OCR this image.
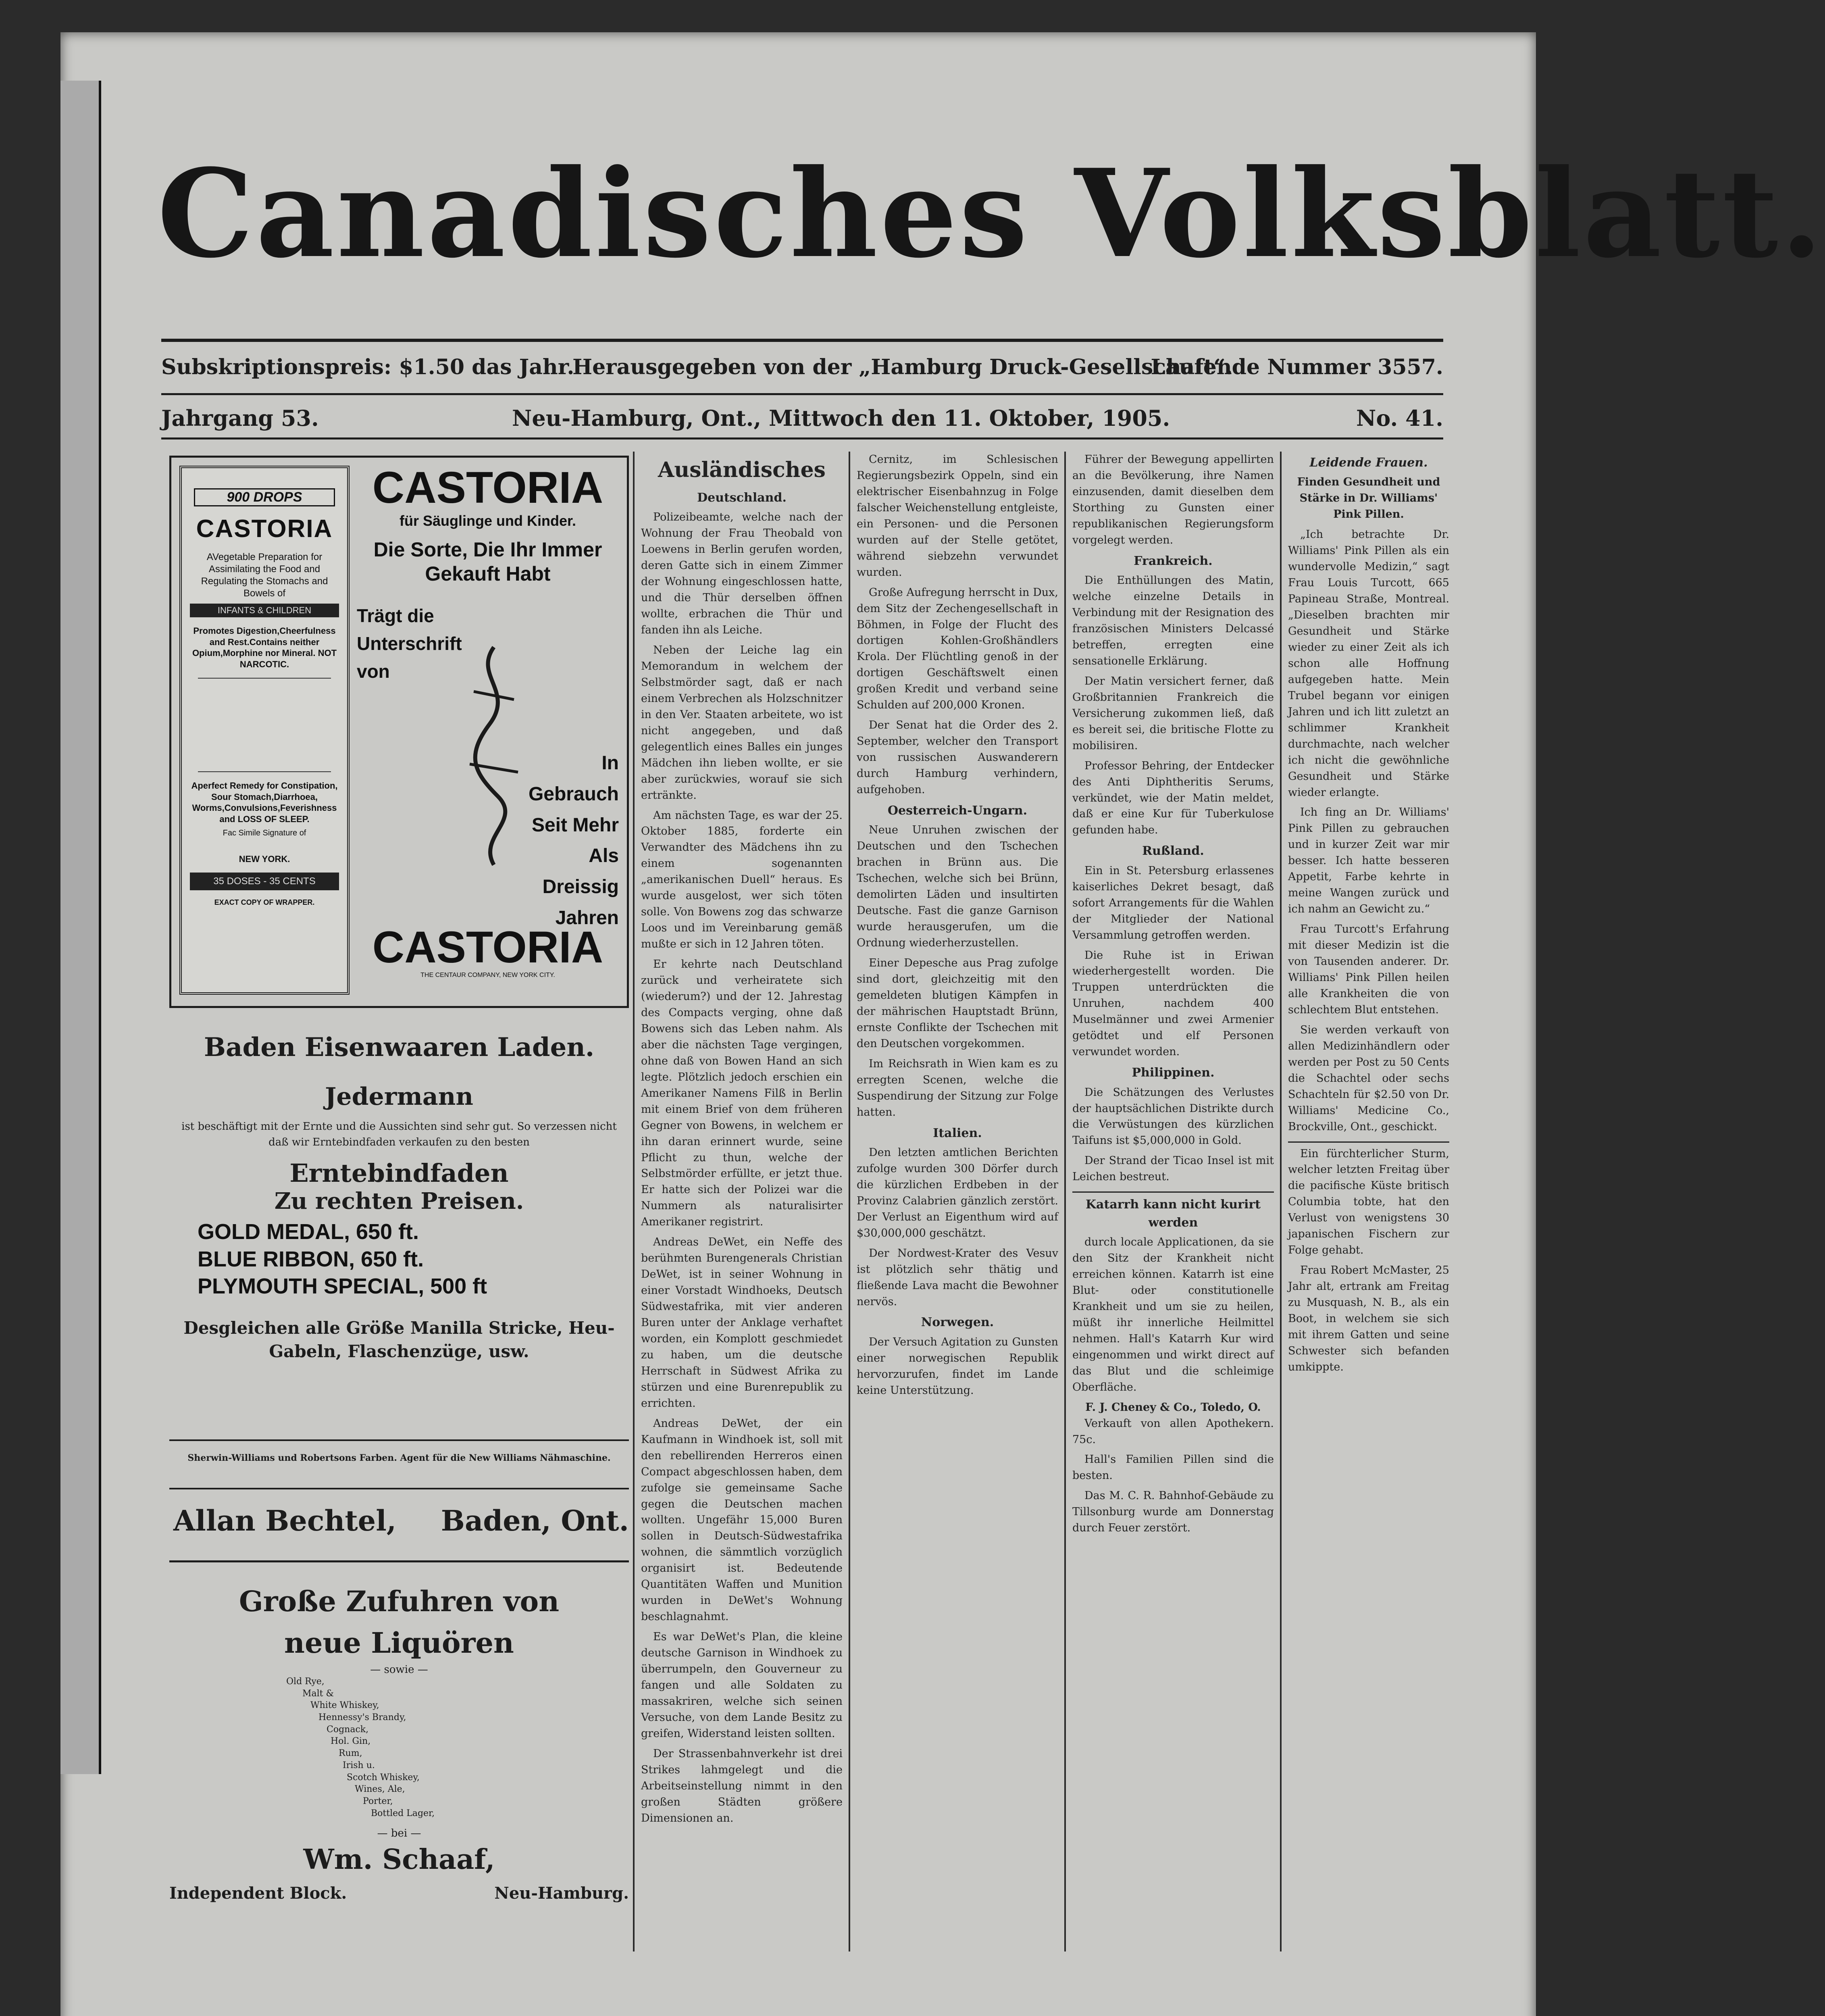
Canadisches Volksblatt.
Subskriptionspreis: $1.50 das Jahr.
Herausgegeben von der „Hamburg Druck-Gesellschaft“.
Laufende Nummer 3557.
Jahrgang 53.	Neu-Hamburg, Ont., Mittwoch den 11. Oktober, 1905.	No. 41.
900 DROPS
CASTORIA
AVegetable Preparation for Assimilating the Food and Regulating the Stomachs and Bowels of
INFANTS & CHILDREN
Promotes Digestion,Cheerfulness and Rest.Contains neither Opium,Morphine nor Mineral. NOT NARCOTIC.
Aperfect Remedy for Constipation, Sour Stomach,Diarrhoea, Worms,Convulsions,Feverishness and LOSS OF SLEEP.
Fac Simile Signature of
NEW YORK.
35 DOSES - 35 CENTS
EXACT COPY OF WRAPPER.
CASTORIA
für Säuglinge und Kinder.
Die Sorte, Die Ihr Immer Gekauft Habt
Trägt die Unterschrift von
In Gebrauch Seit Mehr Als Dreissig Jahren
CASTORIA
THE CENTAUR COMPANY, NEW YORK CITY.
Baden Eisenwaaren Laden.
Jedermann
ist beschäftigt mit der Ernte und die Aussichten sind sehr gut. So verzessen nicht daß wir Erntebindfaden verkaufen zu den besten
Erntebindfaden
Zu rechten Preisen.
GOLD MEDAL, 650 ft.
BLUE RIBBON, 650 ft.
PLYMOUTH SPECIAL, 500 ft
Desgleichen alle Größe Manilla Stricke, Heu-Gabeln, Flaschenzüge, usw.
Sherwin-Williams und Robertsons Farben. Agent für die New Williams Nähmaschine.
Allan Bechtel, Baden, Ont.
Große Zufuhren von
neue Liquören
— sowie —
Old Rye,
Malt &
White Whiskey,
Hennessy's Brandy,
Cognack,
Hol. Gin,
Rum,
Irish u.
Scotch Whiskey,
Wines, Ale,
Porter,
Bottled Lager,
— bei —
Wm. Schaaf,
Independent Block.	Neu-Hamburg.
Ausländisches
Deutschland.

Polizeibeamte, welche nach der Wohnung der Frau Theobald von Loewens in Berlin gerufen worden, deren Gatte sich in einem Zimmer der Wohnung eingeschlossen hatte, und die Thür derselben öffnen wollte, erbrachen die Thür und fanden ihn als Leiche.

Neben der Leiche lag ein Memorandum in welchem der Selbstmörder sagt, daß er nach einem Verbrechen als Holzschnitzer in den Ver. Staaten arbeitete, wo ist nicht angegeben, und daß gelegentlich eines Balles ein junges Mädchen ihn lieben wollte, er sie aber zurückwies, worauf sie sich ertränkte.

Am nächsten Tage, es war der 25. Oktober 1885, forderte ein Verwandter des Mädchens ihn zu einem sogenannten „amerikanischen Duell“ heraus. Es wurde ausgelost, wer sich töten solle. Von Bowens zog das schwarze Loos und im Vereinbarung gemäß mußte er sich in 12 Jahren töten.

Er kehrte nach Deutschland zurück und verheiratete sich (wiederum?) und der 12. Jahrestag des Compacts verging, ohne daß Bowens sich das Leben nahm. Als aber die nächsten Tage vergingen, ohne daß von Bowen Hand an sich legte. Plötzlich jedoch erschien ein Amerikaner Namens Filß in Berlin mit einem Brief von dem früheren Gegner von Bowens, in welchem er ihn daran erinnert wurde, seine Pflicht zu thun, welche der Selbstmörder erfüllte, er jetzt thue. Er hatte sich der Polizei war die Nummern als naturalisirter Amerikaner registrirt.

Andreas DeWet, ein Neffe des berühmten Burengenerals Christian DeWet, ist in seiner Wohnung in einer Vorstadt Windhoeks, Deutsch Südwestafrika, mit vier anderen Buren unter der Anklage verhaftet worden, ein Komplott geschmiedet zu haben, um die deutsche Herrschaft in Südwest Afrika zu stürzen und eine Burenrepublik zu errichten.

Andreas DeWet, der ein Kaufmann in Windhoek ist, soll mit den rebellirenden Herreros einen Compact abgeschlossen haben, dem zufolge sie gemeinsame Sache gegen die Deutschen machen wollten. Ungefähr 15,000 Buren sollen in Deutsch-Südwestafrika wohnen, die sämmtlich vorzüglich organisirt ist. Bedeutende Quantitäten Waffen und Munition wurden in DeWet's Wohnung beschlagnahmt.

Es war DeWet's Plan, die kleine deutsche Garnison in Windhoek zu überrumpeln, den Gouverneur zu fangen und alle Soldaten zu massakriren, welche sich seinen Versuche, von dem Lande Besitz zu greifen, Widerstand leisten sollten.

Der Strassenbahnverkehr ist drei Strikes lahmgelegt und die Arbeitseinstellung nimmt in den großen Städten größere Dimensionen an.

Cernitz, im Schlesischen Regierungsbezirk Oppeln, sind ein elektrischer Eisenbahnzug in Folge falscher Weichenstellung entgleiste, ein Personen- und die Personen wurden auf der Stelle getötet, während siebzehn verwundet wurden.

Große Aufregung herrscht in Dux, dem Sitz der Zechengesellschaft in Böhmen, in Folge der Flucht des dortigen Kohlen-Großhändlers Krola. Der Flüchtling genoß in der dortigen Geschäftswelt einen großen Kredit und verband seine Schulden auf 200,000 Kronen.

Der Senat hat die Order des 2. September, welcher den Transport von russischen Auswanderern durch Hamburg verhindern, aufgehoben.

Oesterreich-Ungarn.

Neue Unruhen zwischen der Deutschen und den Tschechen brachen in Brünn aus. Die Tschechen, welche sich bei Brünn, demolirten Läden und insultirten Deutsche. Fast die ganze Garnison wurde herausgerufen, um die Ordnung wiederherzustellen.

Einer Depesche aus Prag zufolge sind dort, gleichzeitig mit den gemeldeten blutigen Kämpfen in der mährischen Hauptstadt Brünn, ernste Conflikte der Tschechen mit den Deutschen vorgekommen.

Im Reichsrath in Wien kam es zu erregten Scenen, welche die Suspendirung der Sitzung zur Folge hatten.

Italien.

Den letzten amtlichen Berichten zufolge wurden 300 Dörfer durch die kürzlichen Erdbeben in der Provinz Calabrien gänzlich zerstört. Der Verlust an Eigenthum wird auf $30,000,000 geschätzt.

Der Nordwest-Krater des Vesuv ist plötzlich sehr thätig und fließende Lava macht die Bewohner nervös.

Norwegen.

Der Versuch Agitation zu Gunsten einer norwegischen Republik hervorzurufen, findet im Lande keine Unterstützung.

Führer der Bewegung appellirten an die Bevölkerung, ihre Namen einzusenden, damit dieselben dem Storthing zu Gunsten einer republikanischen Regierungsform vorgelegt werden.

Frankreich.

Die Enthüllungen des Matin, welche einzelne Details in Verbindung mit der Resignation des französischen Ministers Delcassé betreffen, erregten eine sensationelle Erklärung.

Der Matin versichert ferner, daß Großbritannien Frankreich die Versicherung zukommen ließ, daß es bereit sei, die britische Flotte zu mobilisiren.

Professor Behring, der Entdecker des Anti Diphtheritis Serums, verkündet, wie der Matin meldet, daß er eine Kur für Tuberkulose gefunden habe.

Rußland.

Ein in St. Petersburg erlassenes kaiserliches Dekret besagt, daß sofort Arrangements für die Wahlen der Mitglieder der National Versammlung getroffen werden.

Die Ruhe ist in Eriwan wiederhergestellt worden. Die Truppen unterdrückten die Unruhen, nachdem 400 Muselmänner und zwei Armenier getödtet und elf Personen verwundet worden.

Philippinen.

Die Schätzungen des Verlustes der hauptsächlichen Distrikte durch die Verwüstungen des kürzlichen Taifuns ist $5,000,000 in Gold.

Der Strand der Ticao Insel ist mit Leichen bestreut.

Katarrh kann nicht kurirt werden

durch locale Applicationen, da sie den Sitz der Krankheit nicht erreichen können. Katarrh ist eine Blut- oder constitutionelle Krankheit und um sie zu heilen, müßt ihr innerliche Heilmittel nehmen. Hall's Katarrh Kur wird eingenommen und wirkt direct auf das Blut und die schleimige Oberfläche.

F. J. Cheney & Co., Toledo, O.

Verkauft von allen Apothekern. 75c.

Hall's Familien Pillen sind die besten.

Das M. C. R. Bahnhof-Gebäude zu Tillsonburg wurde am Donnerstag durch Feuer zerstört.

Leidende Frauen.
Finden Gesundheit und Stärke in Dr. Williams' Pink Pillen.

„Ich betrachte Dr. Williams' Pink Pillen als ein wundervolle Medizin,“ sagt Frau Louis Turcott, 665 Papineau Straße, Montreal. „Dieselben brachten mir Gesundheit und Stärke wieder zu einer Zeit als ich schon alle Hoffnung aufgegeben hatte. Mein Trubel begann vor einigen Jahren und ich litt zuletzt an schlimmer Krankheit durchmachte, nach welcher ich nicht die gewöhnliche Gesundheit und Stärke wieder erlangte.

Ich fing an Dr. Williams' Pink Pillen zu gebrauchen und in kurzer Zeit war mir besser. Ich hatte besseren Appetit, Farbe kehrte in meine Wangen zurück und ich nahm an Gewicht zu.“

Frau Turcott's Erfahrung mit dieser Medizin ist die von Tausenden anderer. Dr. Williams' Pink Pillen heilen alle Krankheiten die von schlechtem Blut entstehen.

Sie werden verkauft von allen Medizinhändlern oder werden per Post zu 50 Cents die Schachtel oder sechs Schachteln für $2.50 von Dr. Williams' Medicine Co., Brockville, Ont., geschickt.

Ein fürchterlicher Sturm, welcher letzten Freitag über die pacifische Küste britisch Columbia tobte, hat den Verlust von wenigstens 30 japanischen Fischern zur Folge gehabt.

Frau Robert McMaster, 25 Jahr alt, ertrank am Freitag zu Musquash, N. B., als ein Boot, in welchem sie sich mit ihrem Gatten und seine Schwester sich befanden umkippte.
